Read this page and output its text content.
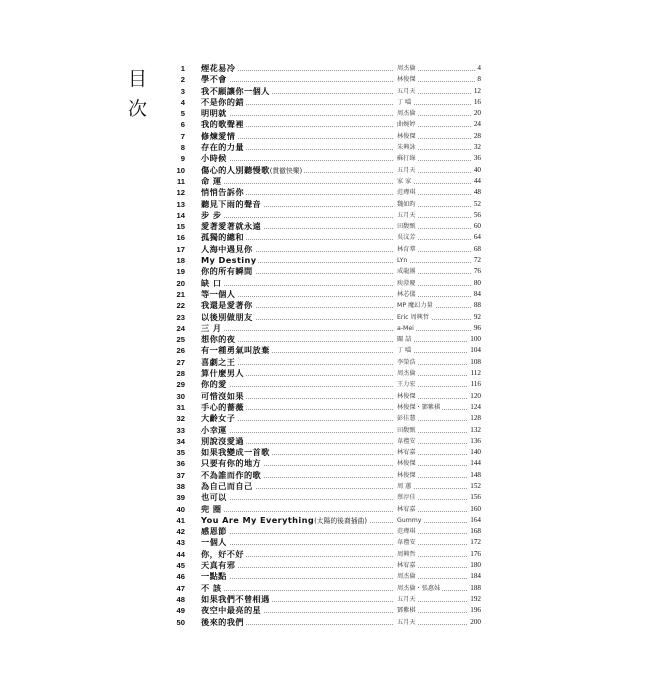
目
次
1 煙花易冷	周杰倫	4
2 學不會	林俊傑	8
3 我不願讓你一個人	五月天	12
4 不是你的錯	丁 噹	16
5 明明就	周杰倫	20
6 我的歌聲裡	曲婉婷	24
7 修煉愛情	林俊傑	28
8 存在的力量	朱興詠	32
9 小時候	蘇打綠	36
10 傷心的人別聽慢歌(貫徹快樂)	五月天	40
11 命 運	家 家	44
12 悄悄告訴你	范瑋琪	48
13 聽見下雨的聲音	魏如昀	52
14 步 步	五月天	56
15 愛著愛著就永遠	田馥甄	60
16 孤獨的總和	吳汶芳	64
17 人海中遇見你	林育羣	68
18 My Destiny	LYn	72
19 你的所有瞬間	成龍團	76
20 缺 口	庾澄慶	80
21 等一個人	林芯儀	84
22 我還是愛著你	MP 魔幻力量	88
23 以後別做朋友	Eric 周興哲	92
24 三 月	a-Mei	96
25 想你的夜	關 喆	100
26 有一種勇氣叫放棄	丁 噹	104
27 喜劇之王	李榮浩	108
28 算什麼男人	周杰倫	112
29 你的愛	王力宏	116
30 可惜沒如果	林俊傑	120
31 手心的薔薇	林俊傑・鄧紫棋	124
32 大齡女子	彭佳慧	128
33 小幸運	田馥甄	132
34 別說沒愛過	韋禮安	136
35 如果我變成一首歌	林宥嘉	140
36 只要有你的地方	林俊傑	144
37 不為誰而作的歌	林俊傑	148
38 為自己而自己	周 蕙	152
39 也可以	蔡淳佳	156
40 兜 圈	林宥嘉	160
41 You Are My Everything(太陽的後裔插曲)	Gummy	164
42 感恩節	范瑋琪	168
43 一個人	韋禮安	172
44 你，好不好	周興哲	176
45 天真有邪	林宥嘉	180
46 一點點	周杰倫	184
47 不 該	周杰倫・張惠妹	188
48 如果我們不曾相遇	五月天	192
49 夜空中最亮的星	鄧紫棋	196
50 後來的我們	五月天	200
